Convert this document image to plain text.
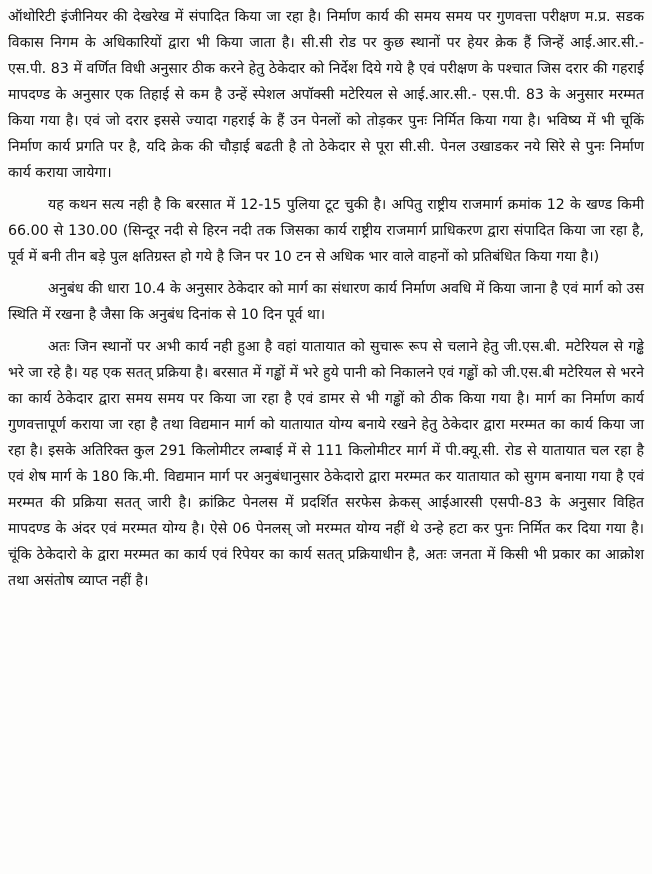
ऑथोरिटी इंजीनियर की देखरेख में संपादित किया जा रहा है। निर्माण कार्य की समय समय पर गुणवत्ता परीक्षण म.प्र. सडक विकास निगम के अधिकारियों द्वारा भी किया जाता है। सी.सी रोड पर कुछ स्थानों पर हेयर क्रेक हैं जिन्हें आई.आर.सी.- एस.पी. 83 में वर्णित विधी अनुसार ठीक करने हेतु ठेकेदार को निर्देश दिये गये है एवं परीक्षण के पश्चात जिस दरार की गहराई मापदण्ड के अनुसार एक तिहाई से कम है उन्हें स्पेशल अपॉक्सी मटेरियल से आई.आर.सी.- एस.पी. 83 के अनुसार मरम्मत किया गया है। एवं जो दरार इससे ज्यादा गहराई के हैं उन पेनलों को तोड़कर पुनः निर्मित किया गया है। भविष्य में भी चूकिं निर्माण कार्य प्रगति पर है, यदि क्रेक की चौड़ाई बढती है तो ठेकेदार से पूरा सी.सी. पेनल उखाडकर नये सिरे से पुनः निर्माण कार्य कराया जायेगा।

यह कथन सत्य नही है कि बरसात में 12-15 पुलिया टूट चुकी है। अपितु राष्ट्रीय राजमार्ग क्रमांक 12 के खण्ड किमी 66.00 से 130.00 (सिन्दूर नदी से हिरन नदी तक जिसका कार्य राष्ट्रीय राजमार्ग प्राधिकरण द्वारा संपादित किया जा रहा है, पूर्व में बनी तीन बड़े पुल क्षतिग्रस्त हो गये है जिन पर 10 टन से अधिक भार वाले वाहनों को प्रतिबंधित किया गया है।)

अनुबंध की धारा 10.4 के अनुसार ठेकेदार को मार्ग का संधारण कार्य निर्माण अवधि में किया जाना है एवं मार्ग को उस स्थिति में रखना है जैसा कि अनुबंध दिनांक से 10 दिन पूर्व था।

अतः जिन स्थानों पर अभी कार्य नही हुआ है वहां यातायात को सुचारू रूप से चलाने हेतु जी.एस.बी. मटेरियल से गड्ढे भरे जा रहे है। यह एक सतत् प्रक्रिया है। बरसात में गड्ढों में भरे हुये पानी को निकालने एवं गड्ढों को जी.एस.बी मटेरियल से भरने का कार्य ठेकेदार द्वारा समय समय पर किया जा रहा है एवं डामर से भी गड्ढों को ठीक किया गया है। मार्ग का निर्माण कार्य गुणवत्तापूर्ण कराया जा रहा है तथा विद्यमान मार्ग को यातायात योग्य बनाये रखने हेतु ठेकेदार द्वारा मरम्मत का कार्य किया जा रहा है। इसके अतिरिक्त कुल 291 किलोमीटर लम्बाई में से 111 किलोमीटर मार्ग में पी.क्यू.सी. रोड से यातायात चल रहा है एवं शेष मार्ग के 180 कि.मी. विद्यमान मार्ग पर अनुबंधानुसार ठेकेदारो द्वारा मरम्मत कर यातायात को सुगम बनाया गया है एवं मरम्मत की प्रक्रिया सतत् जारी है। क्रांक्रिट पेनलस में प्रदर्शित सरफेस क्रेकस् आईआरसी एसपी-83 के अनुसार विहित मापदण्ड के अंदर एवं मरम्मत योग्य है। ऐसे 06 पेनलस् जो मरम्मत योग्य नहीं थे उन्हे हटा कर पुनः निर्मित कर दिया गया है। चूंकि ठेकेदारो के द्वारा मरम्मत का कार्य एवं रिपेयर का कार्य सतत् प्रक्रियाधीन है, अतः जनता में किसी भी प्रकार का आक्रोश तथा असंतोष व्याप्त नहीं है।
